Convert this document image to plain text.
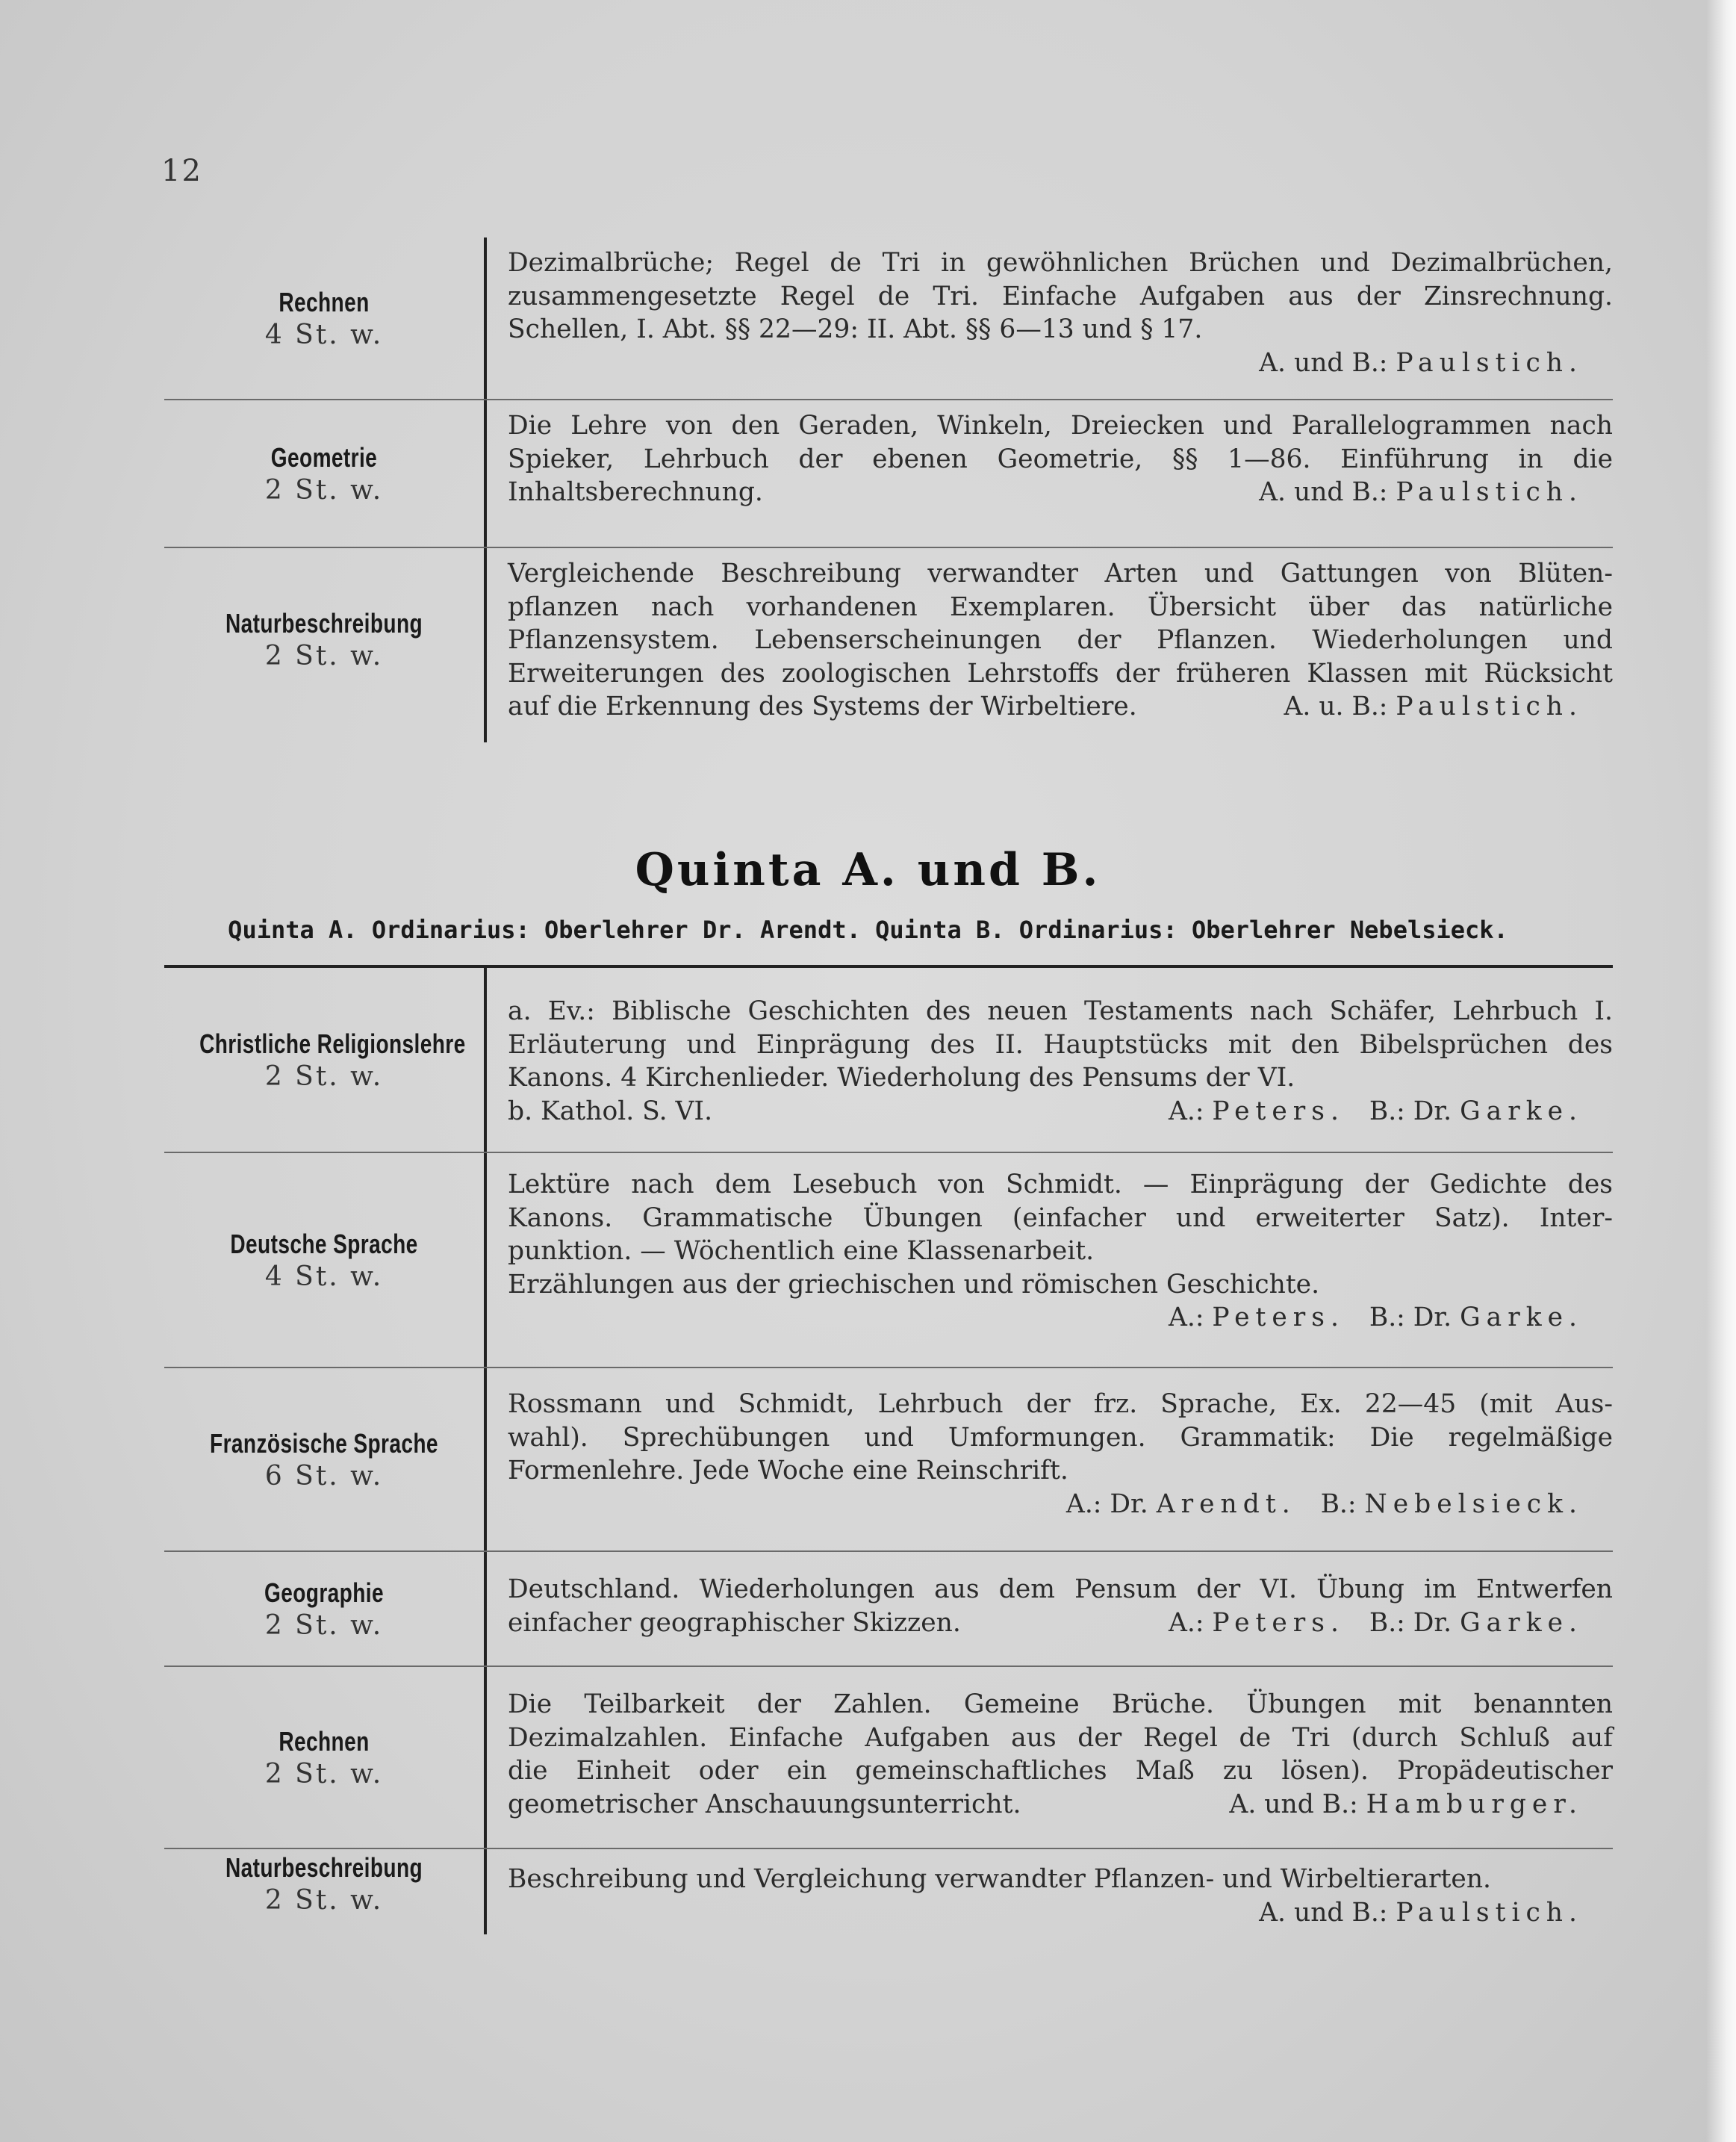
12
Rechnen
4 St. w.
Dezimalbrüche; Regel de Tri in gewöhnlichen Brüchen und Dezimalbrüchen,
zusammengesetzte Regel de Tri. Einfache Aufgaben aus der Zinsrechnung.
Schellen, I. Abt. §§ 22—29: II. Abt. §§ 6—13 und § 17.
A. und B.: Paulstich.
Geometrie
2 St. w.
Die Lehre von den Geraden, Winkeln, Dreiecken und Parallelogrammen nach
Spieker, Lehrbuch der ebenen Geometrie, §§ 1—86. Einführung in die
Inhaltsberechnung.	A. und B.: Paulstich.
Naturbeschreibung
2 St. w.
Vergleichende Beschreibung verwandter Arten und Gattungen von Blüten-
pflanzen nach vorhandenen Exemplaren. Übersicht über das natürliche
Pflanzensystem. Lebenserscheinungen der Pflanzen. Wiederholungen und
Erweiterungen des zoologischen Lehrstoffs der früheren Klassen mit Rücksicht
auf die Erkennung des Systems der Wirbeltiere.	A. u. B.: Paulstich.
Quinta A. und B.
Quinta A. Ordinarius: Oberlehrer Dr. Arendt. Quinta B. Ordinarius: Oberlehrer Nebelsieck.
Christliche Religionslehre
2 St. w.
a. Ev.: Biblische Geschichten des neuen Testaments nach Schäfer, Lehrbuch I.
Erläuterung und Einprägung des II. Hauptstücks mit den Bibelsprüchen des
Kanons. 4 Kirchenlieder. Wiederholung des Pensums der VI.
b. Kathol. S. VI.	A.: Peters. B.: Dr. Garke.
Deutsche Sprache
4 St. w.
Lektüre nach dem Lesebuch von Schmidt. — Einprägung der Gedichte des
Kanons. Grammatische Übungen (einfacher und erweiterter Satz). Inter-
punktion. — Wöchentlich eine Klassenarbeit.
Erzählungen aus der griechischen und römischen Geschichte.
A.: Peters. B.: Dr. Garke.
Französische Sprache
6 St. w.
Rossmann und Schmidt, Lehrbuch der frz. Sprache, Ex. 22—45 (mit Aus-
wahl). Sprechübungen und Umformungen. Grammatik: Die regelmäßige
Formenlehre. Jede Woche eine Reinschrift.
A.: Dr. Arendt. B.: Nebelsieck.
Geographie
2 St. w.
Deutschland. Wiederholungen aus dem Pensum der VI. Übung im Entwerfen
einfacher geographischer Skizzen.	A.: Peters. B.: Dr. Garke.
Rechnen
2 St. w.
Die Teilbarkeit der Zahlen. Gemeine Brüche. Übungen mit benannten
Dezimalzahlen. Einfache Aufgaben aus der Regel de Tri (durch Schluß auf
die Einheit oder ein gemeinschaftliches Maß zu lösen). Propädeutischer
geometrischer Anschauungsunterricht.	A. und B.: Hamburger.
Naturbeschreibung
2 St. w.
Beschreibung und Vergleichung verwandter Pflanzen- und Wirbeltierarten.
A. und B.: Paulstich.
